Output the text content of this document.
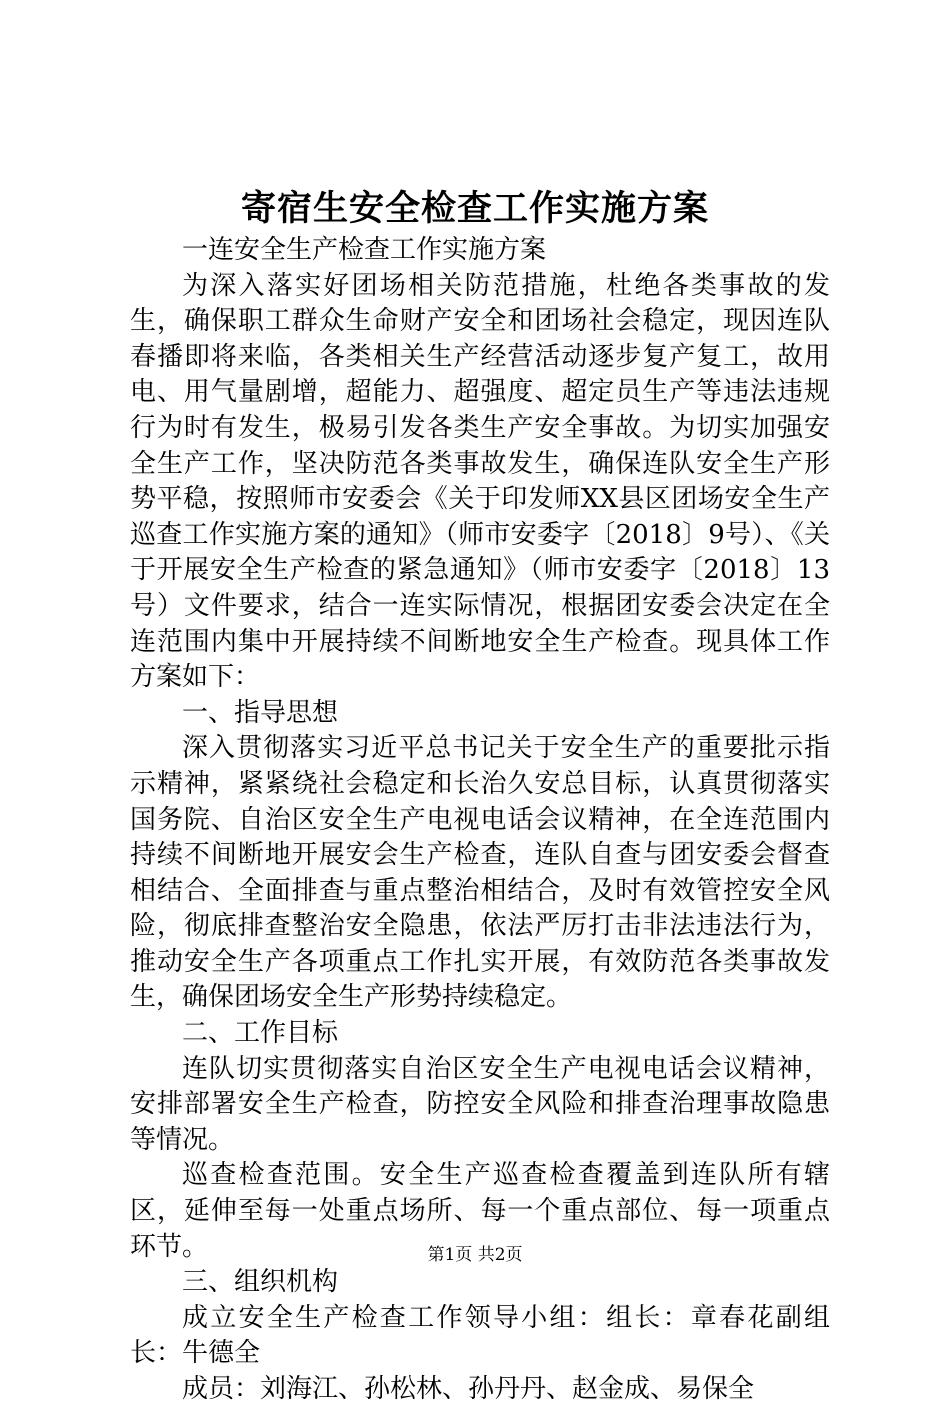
寄宿生安全检查工作实施方案

一连安全生产检查工作实施方案

为深入落实好团场相关防范措施，杜绝各类事故的发生，确保职工群众生命财产安全和团场社会稳定，现因连队春播即将来临，各类相关生产经营活动逐步复产复工，故用电、用气量剧增，超能力、超强度、超定员生产等违法违规行为时有发生，极易引发各类生产安全事故。为切实加强安全生产工作，坚决防范各类事故发生，确保连队安全生产形势平稳，按照师市安委会《关于印发师XX县区团场安全生产巡查工作实施方案的通知》（师市安委字〔2018〕9号）、《关于开展安全生产检查的紧急通知》（师市安委字〔2018〕13号）文件要求，结合一连实际情况，根据团安委会决定在全连范围内集中开展持续不间断地安全生产检查。现具体工作方案如下：

一、指导思想

深入贯彻落实习近平总书记关于安全生产的重要批示指示精神，紧紧绕社会稳定和长治久安总目标，认真贯彻落实国务院、自治区安全生产电视电话会议精神，在全连范围内持续不间断地开展安会生产检查，连队自查与团安委会督查相结合、全面排查与重点整治相结合，及时有效管控安全风险，彻底排查整治安全隐患，依法严厉打击非法违法行为，推动安全生产各项重点工作扎实开展，有效防范各类事故发生，确保团场安全生产形势持续稳定。

二、工作目标

连队切实贯彻落实自治区安全生产电视电话会议精神，安排部署安全生产检查，防控安全风险和排查治理事故隐患等情况。

巡查检查范围。安全生产巡查检查覆盖到连队所有辖区，延伸至每一处重点场所、每一个重点部位、每一项重点环节。

三、组织机构

成立安全生产检查工作领导小组：组长：章春花副组长：牛德全

成员：刘海江、孙松林、孙丹丹、赵金成、易保全

第1页 共2页
